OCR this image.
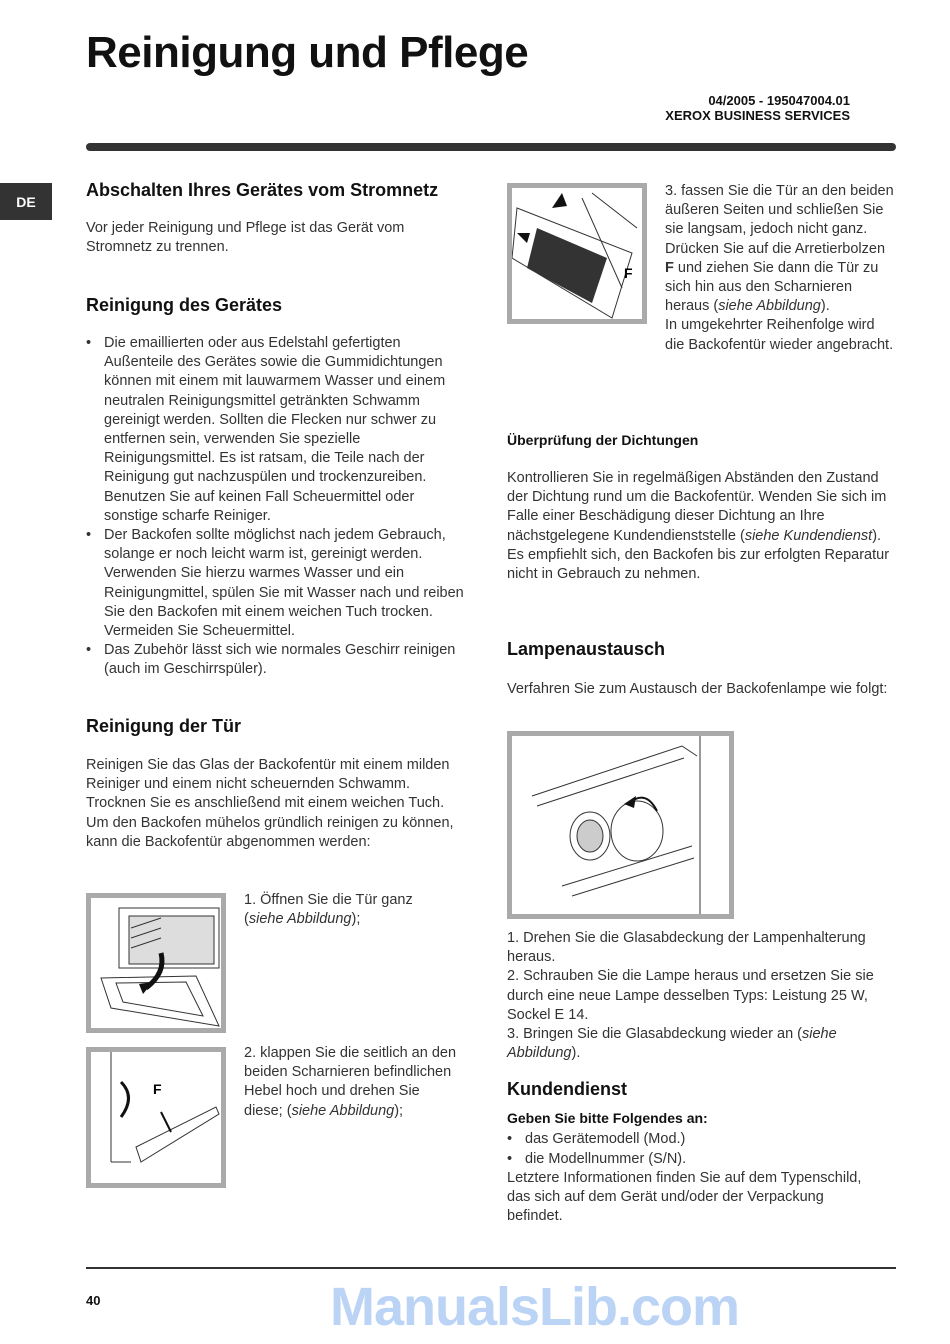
Reinigung und Pflege
04/2005 - 195047004.01
XEROX BUSINESS SERVICES
DE
Abschalten Ihres Gerätes vom Stromnetz

Vor jeder Reinigung und Pflege ist das Gerät vom Stromnetz zu trennen.

Reinigung des Gerätes
• Die emaillierten oder aus Edelstahl gefertigten Außenteile des Gerätes sowie die Gummidichtungen können mit einem mit lauwarmem Wasser und einem neutralen Reinigungsmittel getränkten Schwamm gereinigt werden. Sollten die Flecken nur schwer zu entfernen sein, verwenden Sie spezielle Reinigungsmittel. Es ist ratsam, die Teile nach der Reinigung gut nachzuspülen und trockenzureiben. Benutzen Sie auf keinen Fall Scheuermittel oder sonstige scharfe Reiniger.
• Der Backofen sollte möglichst nach jedem Gebrauch, solange er noch leicht warm ist, gereinigt werden. Verwenden Sie hierzu warmes Wasser und ein Reinigungmittel, spülen Sie mit Wasser nach und reiben Sie den Backofen mit einem weichen Tuch trocken. Vermeiden Sie Scheuermittel.
• Das Zubehör lässt sich wie normales Geschirr reinigen (auch im Geschirrspüler).
Reinigung der Tür
Reinigen Sie das Glas der Backofentür mit einem milden Reiniger und einem nicht scheuernden Schwamm. Trocknen Sie es anschließend mit einem weichen Tuch.
Um den Backofen mühelos gründlich reinigen zu können, kann die Backofentür abgenommen werden:

1. Öffnen Sie die Tür ganz (siehe Abbildung);

F

2. klappen Sie die seitlich an den beiden Scharnieren befindlichen Hebel hoch und drehen Sie diese; (siehe Abbildung);

F

3. fassen Sie die Tür an den beiden äußeren Seiten und schließen Sie sie langsam, jedoch nicht ganz. Drücken Sie auf die Arretierbolzen F und ziehen Sie dann die Tür zu sich hin aus den Scharnieren heraus (siehe Abbildung).
In umgekehrter Reihenfolge wird die Backofentür wieder angebracht.

Überprüfung der Dichtungen

Kontrollieren Sie in regelmäßigen Abständen den Zustand der Dichtung rund um die Backofentür. Wenden Sie sich im Falle einer Beschädigung dieser Dichtung an Ihre nächstgelegene Kundendienststelle (siehe Kundendienst). Es empfiehlt sich, den Backofen bis zur erfolgten Reparatur nicht in Gebrauch zu nehmen.

Lampenaustausch

Verfahren Sie zum Austausch der Backofenlampe wie folgt:

1. Drehen Sie die Glasabdeckung der Lampenhalterung heraus.
2. Schrauben Sie die Lampe heraus und ersetzen Sie sie durch eine neue Lampe desselben Typs: Leistung 25 W, Sockel E 14.
3. Bringen Sie die Glasabdeckung wieder an (siehe Abbildung).
Kundendienst
Geben Sie bitte Folgendes an:
• das Gerätemodell (Mod.)
• die Modellnummer (S/N).
Letztere Informationen finden Sie auf dem Typenschild, das sich auf dem Gerät und/oder der Verpackung befindet.
40	ManualsLib.com
